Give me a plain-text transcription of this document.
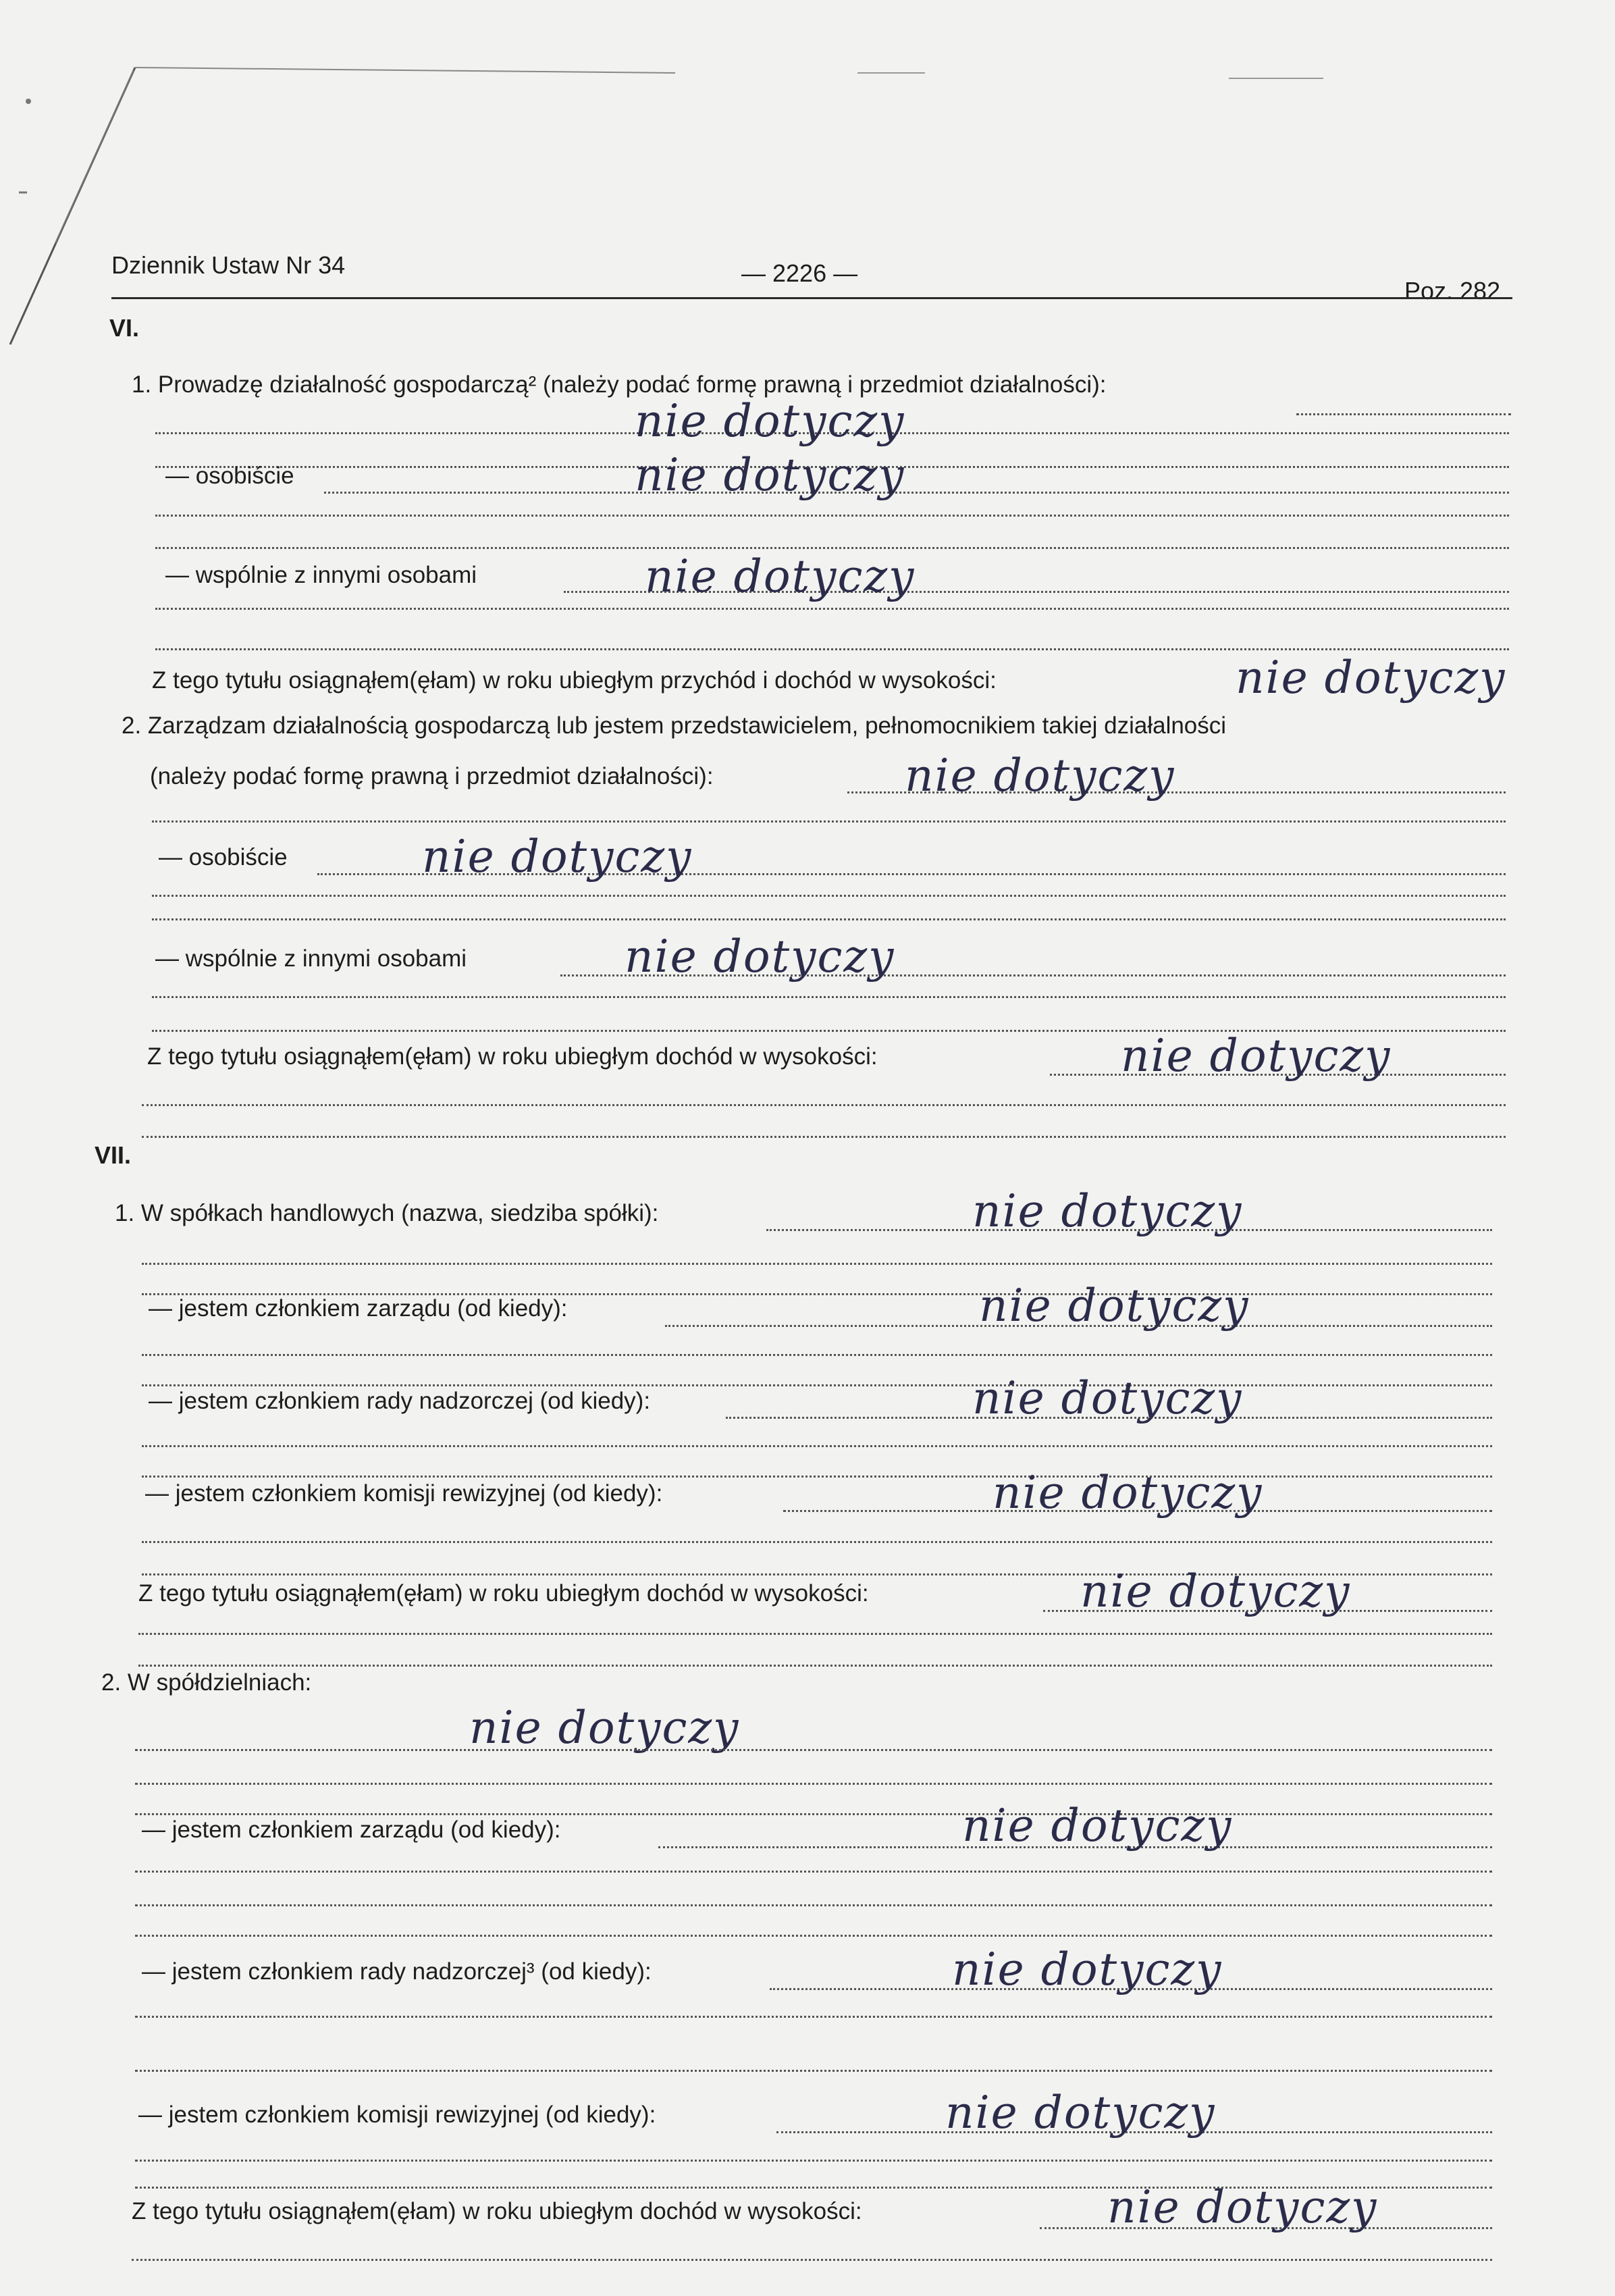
Dziennik Ustaw Nr 34	— 2226 —
Poz. 282
VI.
1. Prowadzę działalność gospodarczą² (należy podać formę prawną i przedmiot działalności):
nie dotyczy
— osobiście	nie dotyczy
— wspólnie z innymi osobami	nie dotyczy
Z tego tytułu osiągnąłem(ęłam) w roku ubiegłym przychód i dochód w wysokości:	nie dotyczy
2. Zarządzam działalnością gospodarczą lub jestem przedstawicielem, pełnomocnikiem takiej działalności
(należy podać formę prawną i przedmiot działalności):	nie dotyczy
— osobiście	nie dotyczy
— wspólnie z innymi osobami	nie dotyczy
Z tego tytułu osiągnąłem(ęłam) w roku ubiegłym dochód w wysokości:	nie dotyczy
VII.
1. W spółkach handlowych (nazwa, siedziba spółki):	nie dotyczy
— jestem członkiem zarządu (od kiedy):	nie dotyczy
— jestem członkiem rady nadzorczej (od kiedy):	nie dotyczy
— jestem członkiem komisji rewizyjnej (od kiedy):	nie dotyczy
Z tego tytułu osiągnąłem(ęłam) w roku ubiegłym dochód w wysokości:	nie dotyczy
2. W spółdzielniach:
nie dotyczy
— jestem członkiem zarządu (od kiedy):	nie dotyczy
— jestem członkiem rady nadzorczej³ (od kiedy):	nie dotyczy
— jestem członkiem komisji rewizyjnej (od kiedy):	nie dotyczy
Z tego tytułu osiągnąłem(ęłam) w roku ubiegłym dochód w wysokości:	nie dotyczy
